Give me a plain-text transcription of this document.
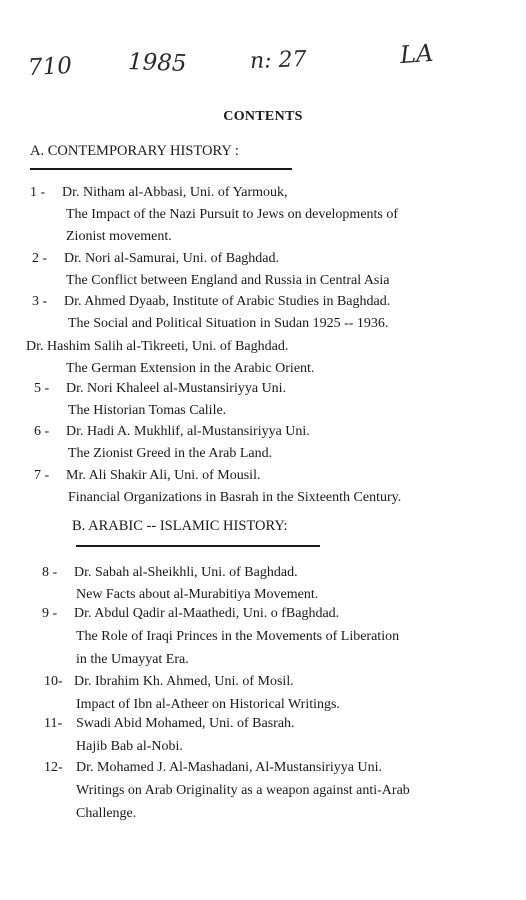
710 1985	n: 27	LA
CONTENTS
A. CONTEMPORARY HISTORY :
1 - Dr. Nitham al-Abbasi, Uni. of Yarmouk,
The Impact of the Nazi Pursuit to Jews on developments of
Zionist movement.
2 - Dr. Nori al-Samurai, Uni. of Baghdad.
The Conflict between England and Russia in Central Asia
3 - Dr. Ahmed Dyaab, Institute of Arabic Studies in Baghdad.
The Social and Political Situation in Sudan 1925 -- 1936.
Dr. Hashim Salih al-Tikreeti, Uni. of Baghdad.
The German Extension in the Arabic Orient.
5 - Dr. Nori Khaleel al-Mustansiriyya Uni.
The Historian Tomas Calile.
6 - Dr. Hadi A. Mukhlif, al-Mustansiriyya Uni.
The Zionist Greed in the Arab Land.
7 - Mr. Ali Shakir Ali, Uni. of Mousil.
Financial Organizations in Basrah in the Sixteenth Century.
B. ARABIC -- ISLAMIC HISTORY:
8 - Dr. Sabah al-Sheikhli, Uni. of Baghdad.
New Facts about al-Murabitiya Movement.
9 - Dr. Abdul Qadir al-Maathedi, Uni. o fBaghdad.
The Role of Iraqi Princes in the Movements of Liberation
in the Umayyat Era.
10- Dr. Ibrahim Kh. Ahmed, Uni. of Mosil.
Impact of Ibn al-Atheer on Historical Writings.
11- Swadi Abid Mohamed, Uni. of Basrah.
Hajib Bab al-Nobi.
12- Dr. Mohamed J. Al-Mashadani, Al-Mustansiriyya Uni.
Writings on Arab Originality as a weapon against anti-Arab
Challenge.
